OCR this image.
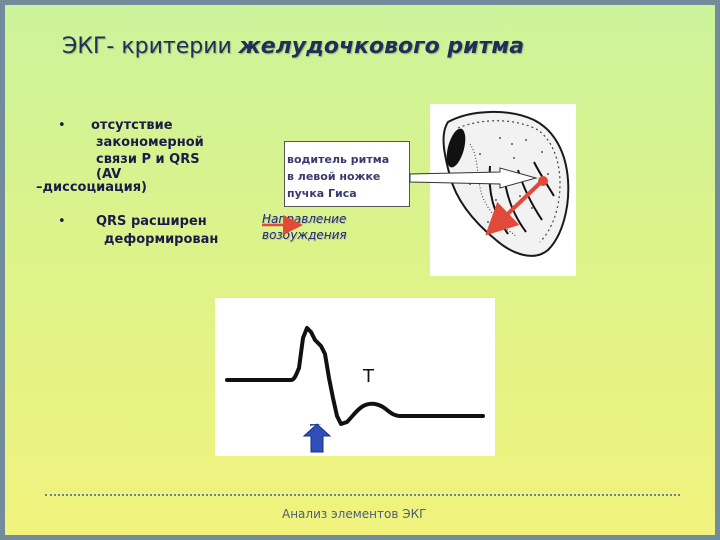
ЭКГ- критерии желудочкового ритма
• отсутствие
закономерной
связи P и QRS
(AV
–диссоциация)
• QRS расширен
деформирован
водитель ритма
в левой ножке
пучка Гиса
Направление
возбуждения
T
Анализ элементов ЭКГ
